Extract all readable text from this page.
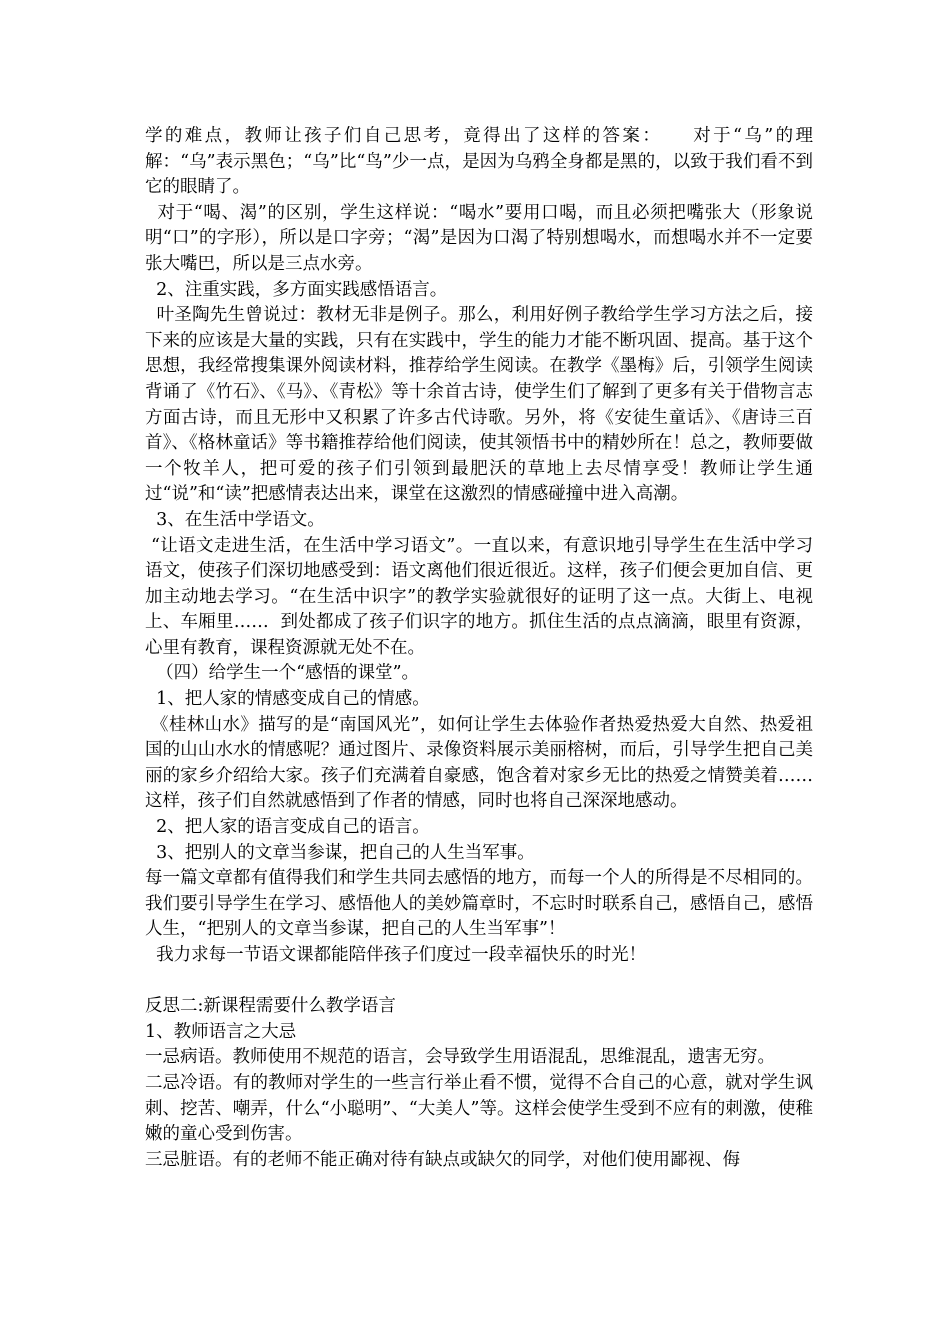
学的难点，教师让孩子们自己思考，竟得出了这样的答案：　　对于“乌”的理解：“乌”表示黑色；“乌”比“鸟”少一点，是因为乌鸦全身都是黑的，以致于我们看不到它的眼睛了。

对于“喝、渴”的区别，学生这样说：“喝水”要用口喝，而且必须把嘴张大（形象说明“口”的字形），所以是口字旁；“渴”是因为口渴了特别想喝水，而想喝水并不一定要张大嘴巴，所以是三点水旁。

2、注重实践，多方面实践感悟语言。

叶圣陶先生曾说过：教材无非是例子。那么，利用好例子教给学生学习方法之后，接下来的应该是大量的实践，只有在实践中，学生的能力才能不断巩固、提高。基于这个思想，我经常搜集课外阅读材料，推荐给学生阅读。在教学《墨梅》后，引领学生阅读背诵了《竹石》、《马》、《青松》等十余首古诗，使学生们了解到了更多有关于借物言志方面古诗，而且无形中又积累了许多古代诗歌。另外，将《安徒生童话》、《唐诗三百首》、《格林童话》等书籍推荐给他们阅读，使其领悟书中的精妙所在！总之，教师要做一个牧羊人，把可爱的孩子们引领到最肥沃的草地上去尽情享受！教师让学生通过“说”和“读”把感情表达出来，课堂在这激烈的情感碰撞中进入高潮。

3、在生活中学语文。

“让语文走进生活，在生活中学习语文”。一直以来，有意识地引导学生在生活中学习语文，使孩子们深切地感受到：语文离他们很近很近。这样，孩子们便会更加自信、更加主动地去学习。“在生活中识字”的教学实验就很好的证明了这一点。大街上、电视上、车厢里……  到处都成了孩子们识字的地方。抓住生活的点点滴滴，眼里有资源，心里有教育，课程资源就无处不在。

（四）给学生一个“感悟的课堂”。

1、把人家的情感变成自己的情感。

《桂林山水》描写的是“南国风光”，如何让学生去体验作者热爱热爱大自然、热爱祖国的山山水水的情感呢？通过图片、录像资料展示美丽榕树，而后，引导学生把自己美丽的家乡介绍给大家。孩子们充满着自豪感，饱含着对家乡无比的热爱之情赞美着……这样，孩子们自然就感悟到了作者的情感，同时也将自己深深地感动。

2、把人家的语言变成自己的语言。

3、把别人的文章当参谋，把自己的人生当军事。

每一篇文章都有值得我们和学生共同去感悟的地方，而每一个人的所得是不尽相同的。我们要引导学生在学习、感悟他人的美妙篇章时，不忘时时联系自己，感悟自己，感悟人生，“把别人的文章当参谋，把自己的人生当军事”！

我力求每一节语文课都能陪伴孩子们度过一段幸福快乐的时光！

反思二:新课程需要什么教学语言

1、教师语言之大忌

一忌病语。教师使用不规范的语言，会导致学生用语混乱，思维混乱，遗害无穷。

二忌冷语。有的教师对学生的一些言行举止看不惯，觉得不合自己的心意，就对学生讽刺、挖苦、嘲弄，什么“小聪明”、“大美人”等。这样会使学生受到不应有的刺激，使稚嫩的童心受到伤害。

三忌脏语。有的老师不能正确对待有缺点或缺欠的同学，对他们使用鄙视、侮
